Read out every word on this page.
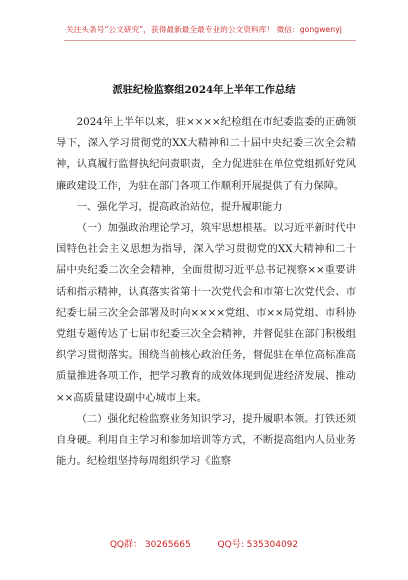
关注头条号“公文研究”，获得最新最全最专业的公文资料库！ 微信：gongwenyj
派驻纪检监察组2024年上半年工作总结

2024年上半年以来，驻××××纪检组在市纪委监委的正确领导下，深入学习贯彻党的XX大精神和二十届中央纪委三次全会精神，认真履行监督执纪问责职责，全力促进驻在单位党组抓好党风廉政建设工作，为驻在部门各项工作顺利开展提供了有力保障。

一、强化学习，提高政治站位，提升履职能力

（一）加强政治理论学习，筑牢思想根基。以习近平新时代中国特色社会主义思想为指导，深入学习贯彻党的XX大精神和二十届中央纪委二次全会精神，全面贯彻习近平总书记视察××重要讲话和指示精神，认真落实省第十一次党代会和市第七次党代会、市纪委七届三次全会部署及时向××××党组、市××局党组、市科协党组专题传达了七届市纪委三次全会精神，并督促驻在部门积极组织学习贯彻落实。围绕当前核心政治任务，督促驻在单位高标准高质量推进各项工作，把学习教育的成效体现到促进经济发展、推动××高质量建设副中心城市上来。

（二）强化纪检监察业务知识学习，提升履职本领。打铁还须自身硬。利用自主学习和参加培训等方式，不断提高组内人员业务能力。纪检组坚持每周组织学习《监察

QQ群： 30265665	QQ号: 535304092
